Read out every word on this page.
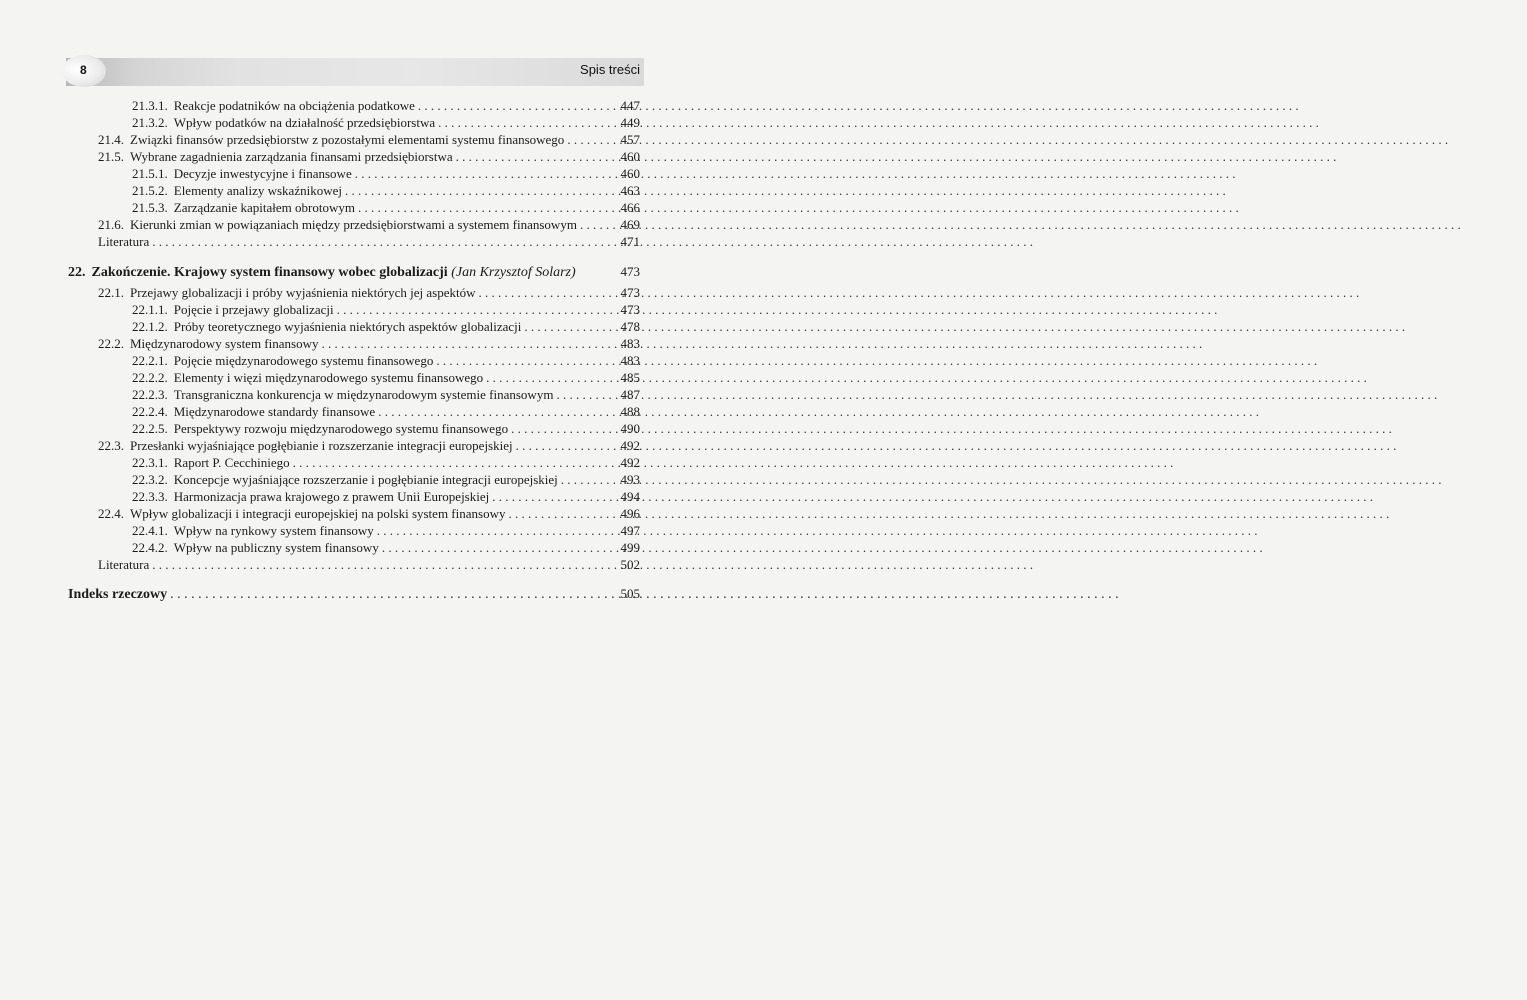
8	Spis treści
21.3.1. Reakcje podatników na obciążenia podatkowe . . .	447
21.3.2. Wpływ podatków na działalność przedsiębiorstwa . . .	449
21.4. Związki finansów przedsiębiorstw z pozostałymi elementami systemu finansowego . . .	457
21.5. Wybrane zagadnienia zarządzania finansami przedsiębiorstwa . . .	460
21.5.1. Decyzje inwestycyjne i finansowe . . .	460
21.5.2. Elementy analizy wskaźnikowej . . .	463
21.5.3. Zarządzanie kapitałem obrotowym . . .	466
21.6. Kierunki zmian w powiązaniach między przedsiębiorstwami a systemem finansowym . . .	469
Literatura . . .	471
22. Zakończenie. Krajowy system finansowy wobec globalizacji (Jan Krzysztof Solarz)	473
22.1. Przejawy globalizacji i próby wyjaśnienia niektórych jej aspektów . . .	473
22.1.1. Pojęcie i przejawy globalizacji . . .	473
22.1.2. Próby teoretycznego wyjaśnienia niektórych aspektów globalizacji . . .	478
22.2. Międzynarodowy system finansowy . . .	483
22.2.1. Pojęcie międzynarodowego systemu finansowego . . .	483
22.2.2. Elementy i więzi międzynarodowego systemu finansowego . . .	485
22.2.3. Transgraniczna konkurencja w międzynarodowym systemie finansowym . . .	487
22.2.4. Międzynarodowe standardy finansowe . . .	488
22.2.5. Perspektywy rozwoju międzynarodowego systemu finansowego . . .	490
22.3. Przesłanki wyjaśniające pogłębianie i rozszerzanie integracji europejskiej . . .	492
22.3.1. Raport P. Cecchiniego . . .	492
22.3.2. Koncepcje wyjaśniające rozszerzanie i pogłębianie integracji europejskiej . . .	493
22.3.3. Harmonizacja prawa krajowego z prawem Unii Europejskiej . . .	494
22.4. Wpływ globalizacji i integracji europejskiej na polski system finansowy . . .	496
22.4.1. Wpływ na rynkowy system finansowy . . .	497
22.4.2. Wpływ na publiczny system finansowy . . .	499
Literatura . . .	502
Indeks rzeczowy . . .	505
